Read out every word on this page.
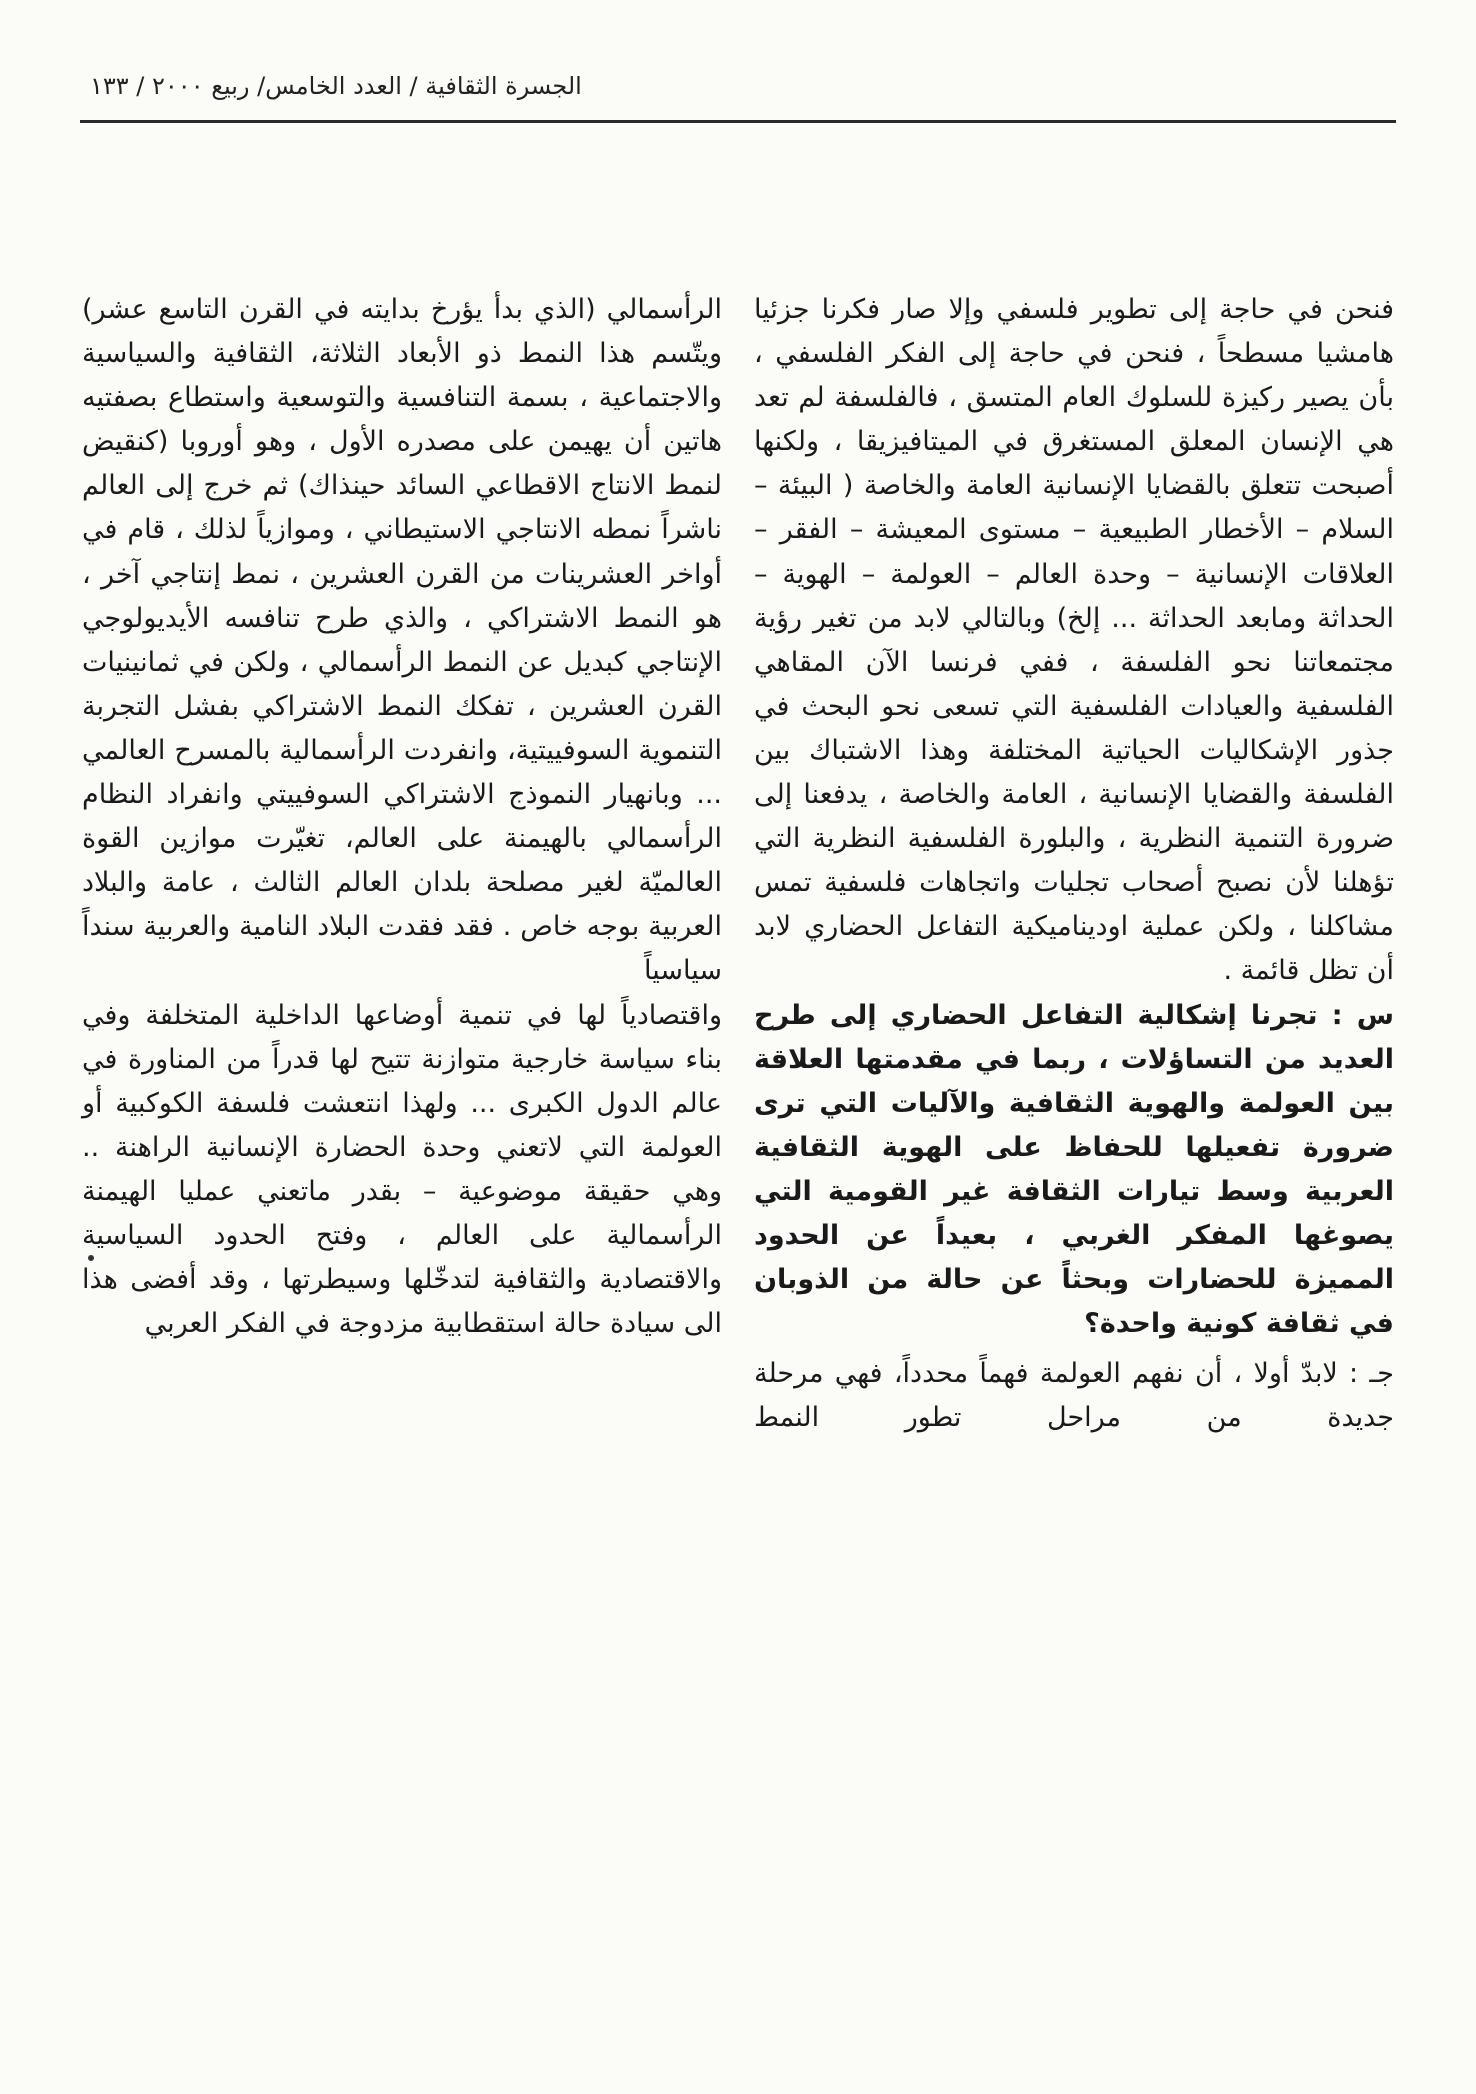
الجسرة الثقافية / العدد الخامس/ ربيع ٢٠٠٠ / ١٣٣

فنحن في حاجة إلى تطوير فلسفي وإلا صار فكرنا جزئيا هامشيا مسطحاً ، فنحن في حاجة إلى الفكر الفلسفي ، بأن يصير ركيزة للسلوك العام المتسق ، فالفلسفة لم تعد هي الإنسان المعلق المستغرق في الميتافيزيقا ، ولكنها أصبحت تتعلق بالقضايا الإنسانية العامة والخاصة ( البيئة – السلام – الأخطار الطبيعية – مستوى المعيشة – الفقر – العلاقات الإنسانية – وحدة العالم – العولمة – الهوية – الحداثة ومابعد الحداثة ... إلخ) وبالتالي لابد من تغير رؤية مجتمعاتنا نحو الفلسفة ، ففي فرنسا الآن المقاهي الفلسفية والعيادات الفلسفية التي تسعى نحو البحث في جذور الإشكاليات الحياتية المختلفة وهذا الاشتباك بين الفلسفة والقضايا الإنسانية ، العامة والخاصة ، يدفعنا إلى ضرورة التنمية النظرية ، والبلورة الفلسفية النظرية التي تؤهلنا لأن نصبح أصحاب تجليات واتجاهات فلسفية تمس مشاكلنا ، ولكن عملية اوديناميكية التفاعل الحضاري لابد أن تظل قائمة .

س : تجرنا إشكالية التفاعل الحضاري إلى طرح العديد من التساؤلات ، ربما في مقدمتها العلاقة بين العولمة والهوية الثقافية والآليات التي ترى ضرورة تفعيلها للحفاظ على الهوية الثقافية العربية وسط تيارات الثقافة غير القومية التي يصوغها المفكر الغربي ، بعيداً عن الحدود المميزة للحضارات وبحثاً عن حالة من الذوبان في ثقافة كونية واحدة؟

جـ : لابدّ أولا ، أن نفهم العولمة فهماً محدداً، فهي مرحلة جديدة من مراحل تطور النمط

الرأسمالي (الذي بدأ يؤرخ بدايته في القرن التاسع عشر) ويتّسم هذا النمط ذو الأبعاد الثلاثة، الثقافية والسياسية والاجتماعية ، بسمة التنافسية والتوسعية واستطاع بصفتيه هاتين أن يهيمن على مصدره الأول ، وهو أوروبا (كنقيض لنمط الانتاج الاقطاعي السائد حينذاك) ثم خرج إلى العالم ناشراً نمطه الانتاجي الاستيطاني ، وموازياً لذلك ، قام في أواخر العشرينات من القرن العشرين ، نمط إنتاجي آخر ، هو النمط الاشتراكي ، والذي طرح تنافسه الأيديولوجي الإنتاجي كبديل عن النمط الرأسمالي ، ولكن في ثمانينيات القرن العشرين ، تفكك النمط الاشتراكي بفشل التجربة التنموية السوفييتية، وانفردت الرأسمالية بالمسرح العالمي ... وبانهيار النموذج الاشتراكي السوفييتي وانفراد النظام الرأسمالي بالهيمنة على العالم، تغيّرت موازين القوة العالميّة لغير مصلحة بلدان العالم الثالث ، عامة والبلاد العربية بوجه خاص . فقد فقدت البلاد النامية والعربية سنداً سياسياً

واقتصادياً لها في تنمية أوضاعها الداخلية المتخلفة وفي بناء سياسة خارجية متوازنة تتيح لها قدراً من المناورة في عالم الدول الكبرى ... ولهذا انتعشت فلسفة الكوكبية أو العولمة التي لاتعني وحدة الحضارة الإنسانية الراهنة .. وهي حقيقة موضوعية – بقدر ماتعني عمليا الهيمنة الرأسمالية على العالم ، وفتح الحدود السياسية والاقتصادية والثقافية لتدخّلها وسيطرتها ، وقد أفضى هذا الى سيادة حالة استقطابية مزدوجة في الفكر العربي
